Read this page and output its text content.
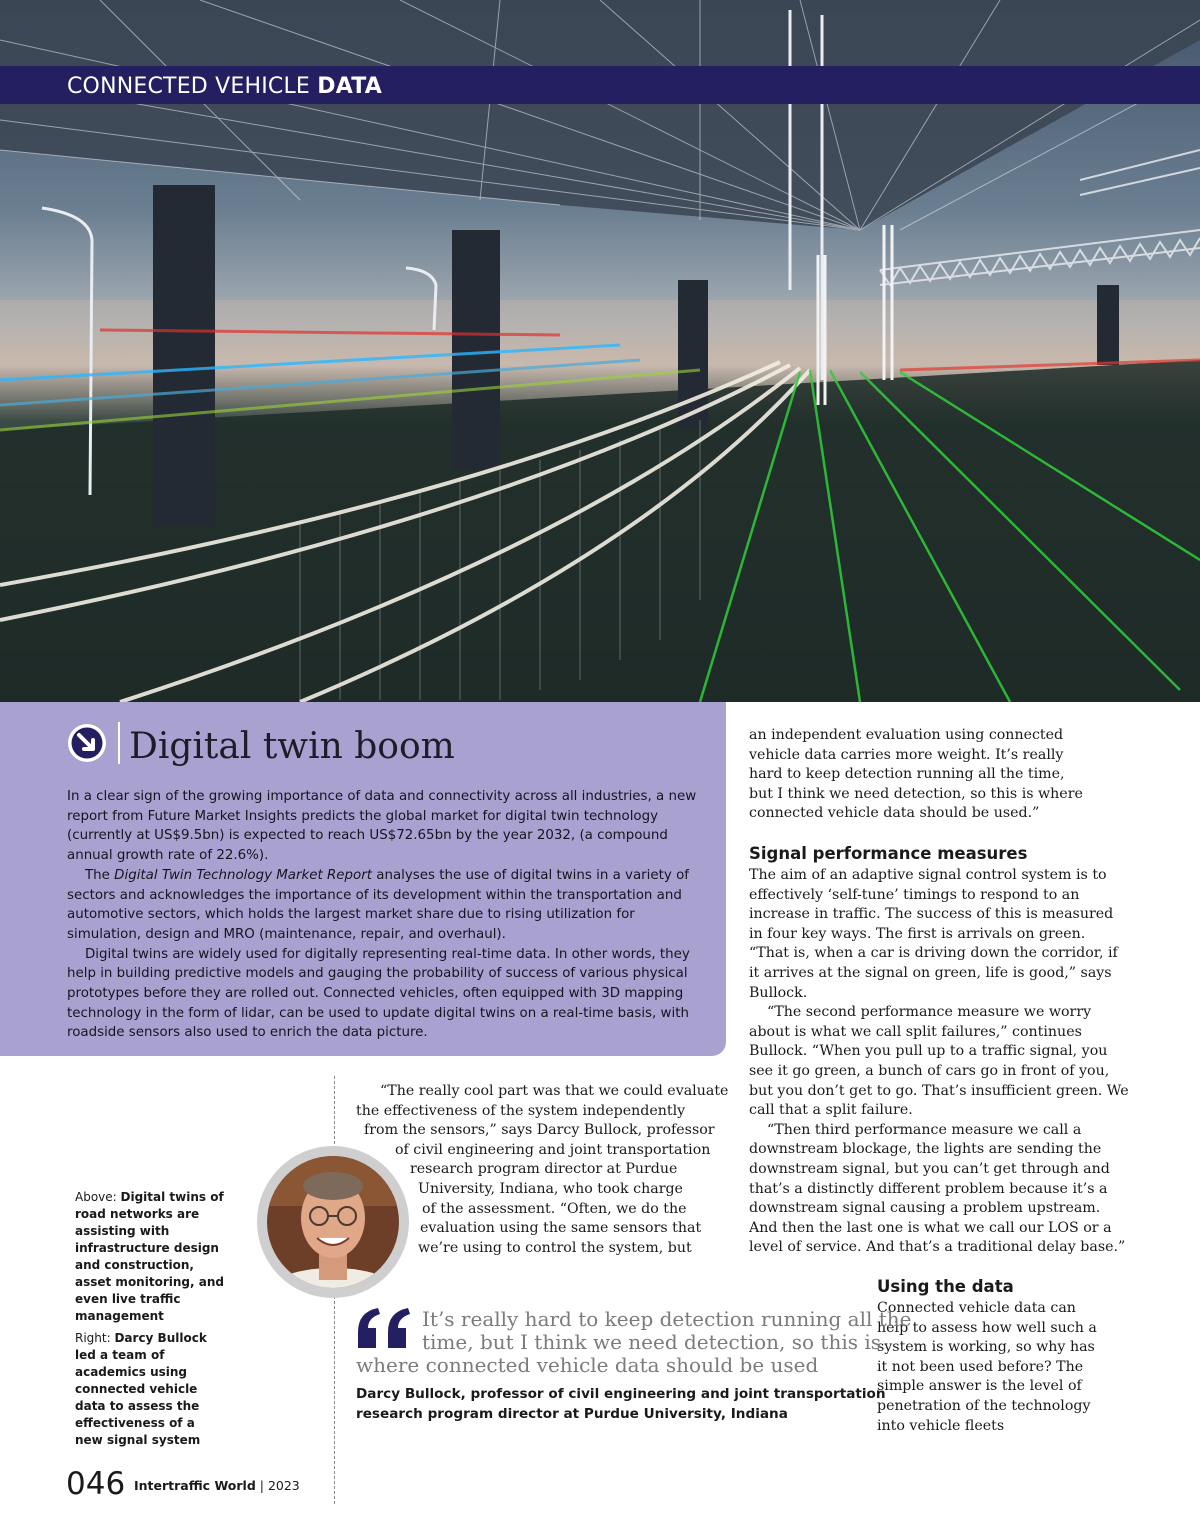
CONNECTED VEHICLE DATA
Digital twin boom

In a clear sign of the growing importance of data and connectivity across all industries, a new report from Future Market Insights predicts the global market for digital twin technology (currently at US$9.5bn) is expected to reach US$72.65bn by the year 2032, (a compound annual growth rate of 22.6%).

The Digital Twin Technology Market Report analyses the use of digital twins in a variety of sectors and acknowledges the importance of its development within the transportation and automotive sectors, which holds the largest market share due to rising utilization for simulation, design and MRO (maintenance, repair, and overhaul).

Digital twins are widely used for digitally representing real-time data. In other words, they help in building predictive models and gauging the probability of success of various physical prototypes before they are rolled out. Connected vehicles, often equipped with 3D mapping technology in the form of lidar, can be used to update digital twins on a real-time basis, with roadside sensors also used to enrich the data picture.

an independent evaluation using connected
vehicle data carries more weight. It’s really
hard to keep detection running all the time,
but I think we need detection, so this is where
connected vehicle data should be used.”
Signal performance measures

The aim of an adaptive signal control system is to effectively ‘self-tune’ timings to respond to an increase in traffic. The success of this is measured in four key ways. The first is arrivals on green. “That is, when a car is driving down the corridor, if it arrives at the signal on green, life is good,” says Bullock.

“The second performance measure we worry about is what we call split failures,” continues Bullock. “When you pull up to a traffic signal, you see it go green, a bunch of cars go in front of you, but you don’t get to go. That’s insufficient green. We call that a split failure.

“Then third performance measure we call a downstream blockage, the lights are sending the downstream signal, but you can’t get through and that’s a distinctly different problem because it’s a downstream signal causing a problem upstream. And then the last one is what we call our LOS or a level of service. And that’s a traditional delay base.”

Using the data

Connected vehicle data can help to assess how well such a system is working, so why has it not been used before? The simple answer is the level of penetration of the technology into vehicle fleets

“The really cool part was that we could evaluate
the effectiveness of the system independently
from the sensors,” says Darcy Bullock, professor
of civil engineering and joint transportation
research program director at Purdue
University, Indiana, who took charge
of the assessment. “Often, we do the
evaluation using the same sensors that
we’re using to control the system, but

Above: Digital twins of road networks are assisting with infrastructure design and construction, asset monitoring, and even live traffic management

Right: Darcy Bullock led a team of academics using connected vehicle data to assess the effectiveness of a new signal system

It’s really hard to keep detection running all the
time, but I think we need detection, so this is
where connected vehicle data should be used
Darcy Bullock, professor of civil engineering and joint transportation
research program director at Purdue University, Indiana
046 Intertraffic World | 2023
